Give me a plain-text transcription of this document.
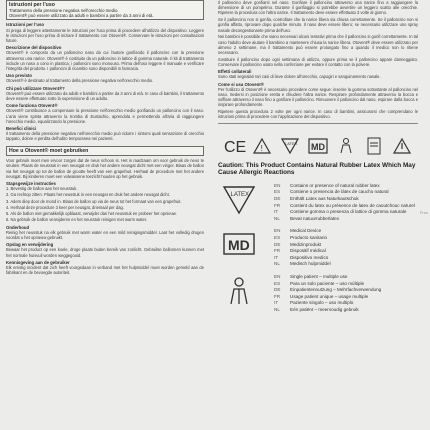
Istruzioni per l'uso
Trattamento della pressione negativa nell'orecchio medio.
Otovent® può essere utilizzato da adulti e bambini a partire da 3 anni di età.
Istruzioni per l'uso
Si prega di leggere attentamente le istruzioni per l'uso prima di procedere all'utilizzo del dispositivo. Leggere le istruzioni per l'uso prima di iniziare il trattamento con Otovent®. Conservare le istruzioni per consultazioni future.
Descrizione del dispositivo
Otovent® è composto da un palloncino naso da cui l'autore gonfiando il palloncino con la pressione attraverso una narice. Otovent® è costituito da un palloncino in lattice di gomma naturale. Il kit di trattamento include un naso a cono in plastica; i palloncini sono monouso. Prima dell'uso leggere il manuale e verificare l'integrità del prodotto. I palloncini di ricambio sono disponibili in farmacia.
Uso previsto
Otovent® è destinato al trattamento della pressione negativa nell'orecchio medio.
Chi può utilizzare Otovent®?
Otovent® può essere utilizzato da adulti e bambini a partire da 3 anni di età. In caso di bambini, il trattamento deve essere effettuato sotto la supervisione di un adulto.
Come funziona Otovent®
Otovent® contribuisce a compensare la pressione nell'orecchio medio gonfiando un palloncino con il naso. L'aria viene spinta attraverso la tromba di Eustachio, aprendola e permettendo all'aria di raggiungere l'orecchio medio, equalizzando la pressione.
Benefici clinici
Il trattamento della pressione negativa nell'orecchio medio può ridurre i sintomi quali sensazione di orecchio tappato, dolore e perdita dell'udito temporanea nei pazienti.
Hoe u Otovent® moet gebruiken
Voor gebruik moet men ervoor zorgen dat de neus schoon is. Het is raadzaam om voor gebruik de neus te snuiten. Plaats de neusstuk in een neusgat en druk het andere neusgat dicht met een vinger. Blaas de ballon via het neusgat op tot de ballon de grootte heeft van een grapefruit. Herhaal de procedure met het andere neusgat. Bij kinderen moet een volwassene toezicht houden op het gebruik.
Stapsgewijze instructies
1. Bevestig de ballon aan het neusstuk.
2. Ga rechtop zitten. Plaats het neusstuk in een neusgat en druk het andere neusgat dicht.
3. Adem diep door de mond in. Blaas de ballon op via de neus tot het formaat van een grapefruit.
4. Herhaal deze procedure 3 keer per neusgat, driemaal per dag.
5. Als de ballon niet gemakkelijk opblaast, verwijder dan het neusstuk en probeer het opnieuw.
6. Na gebruik de ballon verwijderen en het neusstuk reinigen met warm water.
Onderhoud
Reinig het neusstuk na elk gebruik met warm water en een mild reinigingsmiddel. Laat het volledig drogen voordat u het opnieuw gebruikt.
Opslag en verwijdering
Bewaar het product op een koele, droge plaats buiten bereik van zonlicht. Gebruikte ballonnen kunnen met het normale huisvuil worden weggegooid.
Kennisgeving aan de gebruiker
Elk ernstig incident dat zich heeft voorgedaan in verband met het hulpmiddel moet worden gemeld aan de fabrikant en de bevoegde autoriteit.
Il palloncino deve gonfiarsi nel naso. Gonfiare il palloncino attraverso una narice fino a raggiungere la dimensione di un pompelmo. Durante il gonfiaggio si potrebbe avvertire un leggero scatto alle orecchie. Ripetere la procedura con l'altra narice. Il trattamento deve essere effettuato 3 volte al giorno.
Se il palloncino non si gonfia, controllare che la narice libera sia chiusa correttamente. Se il palloncino non si gonfia affatto, riprovare dopo qualche minuto. Il naso deve essere libero; se necessario utilizzare uno spray nasale decongestionante prima dell'uso.
Nei bambini è possibile che siano necessari alcuni tentativi prima che il palloncino si gonfi correttamente. In tal caso l'adulto deve aiutare il bambino a mantenere chiusa la narice libera. Otovent® deve essere utilizzato per almeno 2 settimane, ma il trattamento può essere prolungato fino a quando il medico non lo ritiene necessario.
Sostituire il palloncino dopo ogni settimana di utilizzo, oppure prima se il palloncino appare danneggiato. Conservare il palloncino usato nella confezione per evitare il contatto con la polvere.
Effetti collaterali
Sono stati segnalati rari casi di lieve dolore all'orecchio, capogiri e sanguinamento nasale.
Come si usa Otovent®
Per l'utilizzo di Otovent® è necessario procedere come segue: inserire la gomma sottostante al palloncino nel naso. Sedersi in posizione eretta e chiudere l'altra narice. Respirare profondamente attraverso la bocca e soffiare attraverso il naso fino a gonfiare il palloncino. Rimuovere il palloncino dal naso, espirare dalla bocca e inspirare profondamente.
Ripetere questa procedura 2 volte per ogni narice. In caso di bambini, assicurarsi che comprendano le istruzioni prima di procedere con l'applicazione del dispositivo.
CE !
LATEX MD
Caution: This Product Contains Natural Rubber Latex Which May Cause Allergic Reactions
LATEX
EN	Contains or presence of natural rubber latex
ES	Contiene o presencia de látex de caucho natural
DE	Enthält Latex aus Naturkautschuk
FR	Contient du latex ou présence de latex de caoutchouc naturel
IT	Contiene gomma o presenza di lattice di gomma naturale
NL	Bevat natuurrubberlatex
MD
EN	Medical Device
ES	Producto sanitario
DE	Medizinprodukt
FR	Dispositif médical
IT	Dispositivo medico
NL	Medisch hulpmiddel
EN	Single patient – multiple use
ES	Para un solo paciente – uso múltiple
DE	Einpatientennutzung – Mehrfachverwendung
FR	Usage patient unique – usage multiple
IT	Paziente singolo – uso multiplo
NL	Eén patiënt – meervoudig gebruik
Pres
